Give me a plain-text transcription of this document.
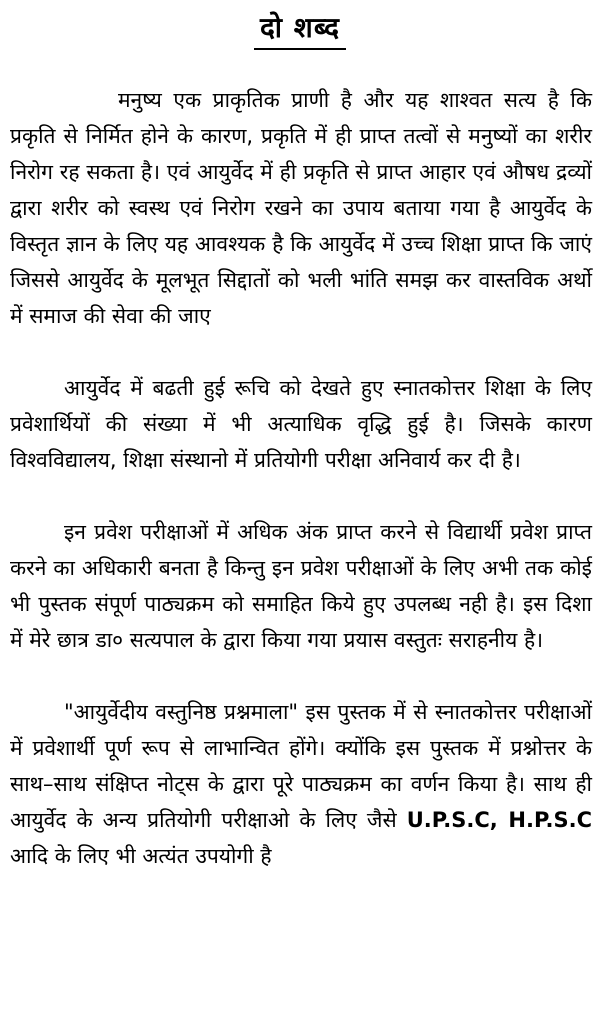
दो शब्द

मनुष्य एक प्राकृतिक प्राणी है और यह शाश्वत सत्य है कि प्रकृति से निर्मित होने के कारण, प्रकृति में ही प्राप्त तत्वों से मनुष्यों का शरीर निरोग रह सकता है। एवं आयुर्वेद में ही प्रकृति से प्राप्त आहार एवं औषध द्रव्यों द्वारा शरीर को स्वस्थ एवं निरोग रखने का उपाय बताया गया है आयुर्वेद के विस्तृत ज्ञान के लिए यह आवश्यक है कि आयुर्वेद में उच्च शिक्षा प्राप्त कि जाएं जिससे आयुर्वेद के मूलभूत सिद्दातों को भली भांति समझ कर वास्तविक अर्थो में समाज की सेवा की जाए

आयुर्वेद में बढती हुई रूचि को देखते हुए स्नातकोत्तर शिक्षा के लिए प्रवेशार्थियों की संख्या में भी अत्याधिक वृद्धि हुई है। जिसके कारण विश्वविद्यालय, शिक्षा संस्थानो में प्रतियोगी परीक्षा अनिवार्य कर दी है।

इन प्रवेश परीक्षाओं में अधिक अंक प्राप्त करने से विद्यार्थी प्रवेश प्राप्त करने का अधिकारी बनता है किन्तु इन प्रवेश परीक्षाओं के लिए अभी तक कोई भी पुस्तक संपूर्ण पाठ्यक्रम को समाहित किये हुए उपलब्ध नही है। इस दिशा में मेरे छात्र डा० सत्यपाल के द्वारा किया गया प्रयास वस्तुतः सराहनीय है।

"आयुर्वेदीय वस्तुनिष्ठ प्रश्नमाला" इस पुस्तक में से स्नातकोत्तर परीक्षाओं में प्रवेशार्थी पूर्ण रूप से लाभान्वित होंगे। क्योंकि इस पुस्तक में प्रश्नोत्तर के साथ–साथ संक्षिप्त नोट्स के द्वारा पूरे पाठ्यक्रम का वर्णन किया है। साथ ही आयुर्वेद के अन्य प्रतियोगी परीक्षाओ के लिए जैसे U.P.S.C, H.P.S.C आदि के लिए भी अत्यंत उपयोगी है
